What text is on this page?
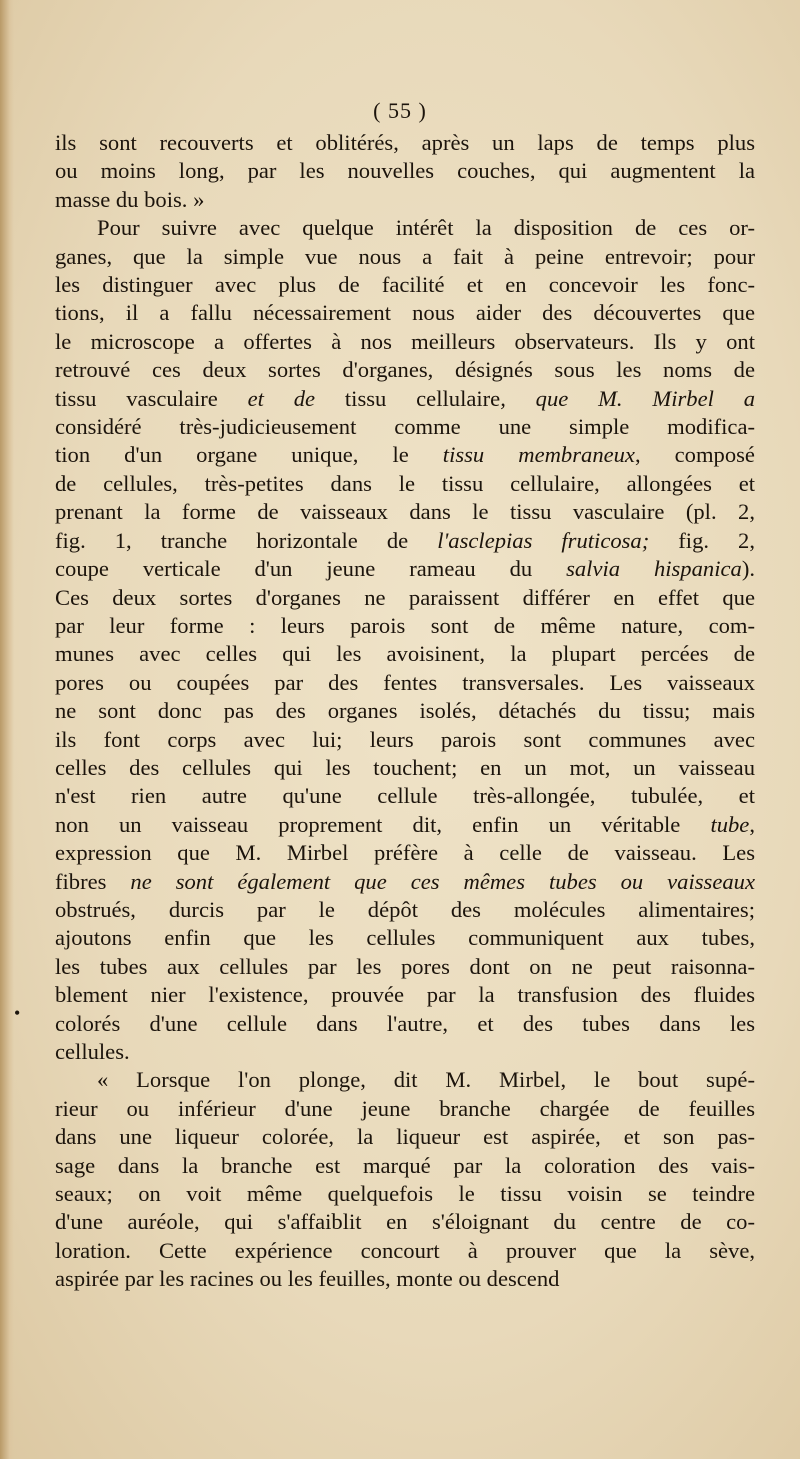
( 55 )
ils sont recouverts et oblitérés, après un laps de temps plus
ou moins long, par les nouvelles couches, qui augmentent la
masse du bois. »
Pour suivre avec quelque intérêt la disposition de ces or-
ganes, que la simple vue nous a fait à peine entrevoir; pour
les distinguer avec plus de facilité et en concevoir les fonc-
tions, il a fallu nécessairement nous aider des découvertes que
le microscope a offertes à nos meilleurs observateurs. Ils y ont
retrouvé ces deux sortes d'organes, désignés sous les noms de
tissu vasculaire et de tissu cellulaire, que M. Mirbel a
considéré très-judicieusement comme une simple modifica-
tion d'un organe unique, le tissu membraneux, composé
de cellules, très-petites dans le tissu cellulaire, allongées et
prenant la forme de vaisseaux dans le tissu vasculaire (pl. 2,
fig. 1, tranche horizontale de l'asclepias fruticosa; fig. 2,
coupe verticale d'un jeune rameau du salvia hispanica).
Ces deux sortes d'organes ne paraissent différer en effet que
par leur forme : leurs parois sont de même nature, com-
munes avec celles qui les avoisinent, la plupart percées de
pores ou coupées par des fentes transversales. Les vaisseaux
ne sont donc pas des organes isolés, détachés du tissu; mais
ils font corps avec lui; leurs parois sont communes avec
celles des cellules qui les touchent; en un mot, un vaisseau
n'est rien autre qu'une cellule très-allongée, tubulée, et
non un vaisseau proprement dit, enfin un véritable tube,
expression que M. Mirbel préfère à celle de vaisseau. Les
fibres ne sont également que ces mêmes tubes ou vaisseaux
obstrués, durcis par le dépôt des molécules alimentaires;
ajoutons enfin que les cellules communiquent aux tubes,
les tubes aux cellules par les pores dont on ne peut raisonna-
blement nier l'existence, prouvée par la transfusion des fluides
colorés d'une cellule dans l'autre, et des tubes dans les
cellules.
« Lorsque l'on plonge, dit M. Mirbel, le bout supé-
rieur ou inférieur d'une jeune branche chargée de feuilles
dans une liqueur colorée, la liqueur est aspirée, et son pas-
sage dans la branche est marqué par la coloration des vais-
seaux; on voit même quelquefois le tissu voisin se teindre
d'une auréole, qui s'affaiblit en s'éloignant du centre de co-
loration. Cette expérience concourt à prouver que la sève,
aspirée par les racines ou les feuilles, monte ou descend
•
